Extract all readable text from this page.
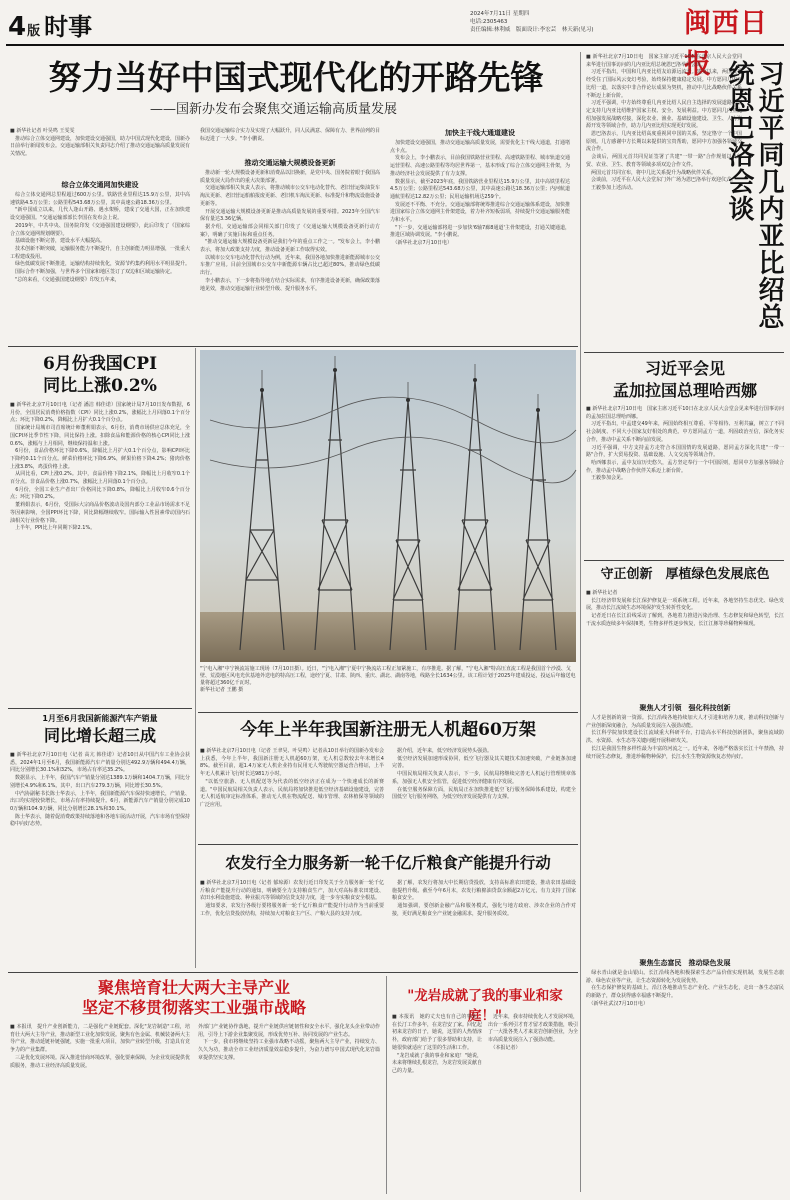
4 版 时事	2024年7月11日 星期四
电话:2305463
责任编辑:林利威　版面设计:李宏芸　林天新(见习)	闽西日报
努力当好中国式现代化的开路先锋
——国新办发布会聚焦交通运输高质量发展
■ 新华社记者 叶昊鸣 王雯雯
　推动综合立体交通网建设，加快建设交通强国，助力中国式现代化建设，国新办日前举行新闻发布会。交通运输部相关负责同志介绍了推动交通运输高质量发展有关情况。
综合立体交通网加快建设
　综合立体交通网总里程超过600万公里。铁路营业里程达15.9万公里，其中高速铁路4.5万公里；公路里程543.68万公里，其中高速公路18.36万公里。
　"新中国成立以来，几代人逢山开路、遇水架桥，建成了交通大国，正在加快建设交通强国。"交通运输部部长李国在发布会上说。
　2019年，中共中央、国务院印发《交通强国建设纲要》，此后印发了《国家综合立体交通网规划纲要》。
　基础设施不断完善，建设水平大幅提高。
　技术创新不断突破，运输服务能力不断提升，自主创新能力明显增强，一批重大工程建成投用。
　绿色低碳发展不断推进，运输结构持续优化，资源节约集约利用水平明显提升。
　国际合作不断加强，与世界多个国家和地区签订了双边和区域运输协定。
　"总的来看，《交通强国建设纲要》印发五年来，
我国交通运输综合实力及实现了大幅跃升，同人民满意、保障有力、世界前列的目标迈进了一大步。"李小鹏说。
推动交通运输大规模设备更新
　推动新一轮大规模设备更新和消费品以旧换新，是党中央、国务院着眼于我国高质量发展大局作出的重大决策部署。
　交通运输部相关负责人表示，将推动城市公交车电动化替代、老旧营运柴油货车淘汰更新、老旧营运船舶报废更新、老旧机车淘汰更新、标准提升和物流设施设备更新等。
　开展交通运输大规模设备更新是推动高质量发展的重要举措。2023年全国汽车保有量达3.36亿辆。
　据介绍，交通运输部会同相关部门印发了《交通运输大规模设备更新行动方案》，明确了实施目标和重点任务。
　"推动交通运输大规模设备更新是我们今年的重点工作之一。"发布会上，李小鹏表示，将加大政策支持力度，推动设备更新工作取得实效。
　以城市公交车电动化替代行动为例，近年来，我国各地加快推进新能源城市公交车推广应用。目前全国城市公交车中新能源车辆占比已超过80%，推动绿色低碳出行。
　李小鹏表示，下一步将指导地方结合实际需求，有序推进设备更新，确保政策落地见效，推动交通运输行业转型升级、提升服务水平。
加快主干线大通道建设
　加快建设交通强国，推动交通运输高质量发展，需要优化主干线大通道，打通堵点卡点。
　发布会上，李小鹏表示，目前我国铁路营业里程、高速铁路里程、城市轨道交通运营里程、高速公路里程等均居世界第一，基本形成了综合立体交通网主骨架，为推动经济社会发展提供了有力支撑。
　数据显示，截至2023年底，我国铁路营业里程达15.9万公里，其中高铁里程达4.5万公里；公路里程达543.68万公里，其中高速公路达18.36万公里；内河航道通航里程达12.82万公里；民用运输机场达259个。
　发展还不平衡、不充分。交通运输部将统筹推进综合交通运输体系建设，加快推进国家综合立体交通网主骨架建设，着力补齐短板弱项，持续提升交通运输服务能力和水平。
　"下一步，交通运输部将进一步加快'6轴7廊8通道'主骨架建设，打通关键通道，推进区域协调发展。"李小鹏说。
　（新华社北京7月10日电）
6月份我国CPI
同比上涨0.2%
■ 新华社北京7月10日电（记者 潘洁 韩佳诺）国家统计局7月10日发布数据，6月份，全国居民消费价格指数（CPI）同比上涨0.2%，涨幅比上月回落0.1个百分点；环比下降0.2%，降幅比上月扩大0.1个百分点。
　国家统计局城市司首席统计师董莉娟表示，6月份，消费市场供应总体充足，全国CPI环比季节性下降，同比保持上涨。扣除食品和能源价格的核心CPI同比上涨0.6%，涨幅与上月相同，继续保持温和上涨。
　6月份，食品价格环比下降0.6%，降幅比上月扩大0.1个百分点，影响CPI环比下降约0.11个百分点。鲜菜价格环比下降6.9%，鲜果价格下降4.2%；猪肉价格上涨3.8%，鸡蛋价格上涨。
　从同比看，CPI上涨0.2%。其中，食品价格下降2.1%，降幅比上月收窄0.1个百分点。非食品价格上涨0.7%，涨幅比上月回落0.1个百分点。
　6月份，全国工业生产者出厂价格同比下降0.8%，降幅比上月收窄0.6个百分点；环比下降0.2%。
　董莉娟表示，6月份，受国际大宗商品价格波动及国内部分工业品市场需求不足等因素影响，全国PPI环比下降，同比降幅继续收窄。国际输入性因素带动国内石油相关行业价格下降。
　上半年，PPI比上年同期下降2.1%。
1月至6月我国新能源汽车产销量
同比增长超三成
■ 新华社北京7月10日电（记者 高亢 韩佳诺）记者10日从中国汽车工业协会获悉，2024年1月至6月，我国新能源汽车产销量分别达492.9万辆和494.4万辆，同比分别增长30.1%和32%，市场占有率达35.2%。
　数据显示，上半年，我国汽车产销量分别达1389.1万辆和1404.7万辆，同比分别增长4.9%和6.1%。其中，出口汽车279.3万辆，同比增长30.5%。
　中汽协副秘书长陈士华表示，上半年，我国新能源汽车保持快速增长，产销量、出口均实现较快增长，市场占有率持续提升。6月，新能源汽车产销量分别完成100万辆和104.9万辆，同比分别增长28.1%和30.1%。
　陈士华表示，随着促消费政策持续落地和各地车展活动开展，汽车市场有望保持稳中向好态势。
"宁电入湘"中宁换流站施工现场（7月10日摄）。近日，"宁电入湘"宁夏中宁换流站工程正加紧施工，有序推进。据了解，"宁电入湘"特高压直流工程是我国首个沙漠、戈壁、荒漠地区风电光伏基地外送电的特高压工程，途经宁夏、甘肃、陕西、重庆、湖北、湖南等地，线路全长1634公里。该工程计划于2025年建成投运，投运后年输送电量将超过360亿千瓦时。
新华社记者 王鹏 摄
今年上半年我国新注册无人机超60万架
■ 新华社北京7月10日电（记者 王聿昊、叶昊鸣）记者从10日举行的国新办发布会上获悉，今年上半年，我国新注册无人机超60万架，无人机总数较去年末增长48%。截至目前，超1.4万家无人机企业持有民用无人驾驶航空器运营合格证，上半年无人机累计飞行时长达981万小时。
　"以低空旅游、无人机配送等为代表的低空经济正在成为一个快速成长的新赛道。"中国民航局相关负责人表示，民航局将加快推进低空经济基础设施建设，完善无人机适航审定标准体系，推动无人机在物流配送、城市管理、农林植保等领域的广泛应用。
　据介绍，近年来，低空经济发展势头强劲。
　低空经济发展加速形成协同，低空飞行器及其关键技术加速突破，产业链条加速完善。
　中国民航局相关负责人表示，下一步，民航局将继续完善无人机运行管理规章体系，加强无人机安全监管，促进低空经济健康有序发展。
　在低空服务保障方面，民航局正在加快推进低空飞行服务保障体系建设，构建全国低空飞行服务网络，为低空经济发展提供有力支撑。
农发行全力服务新一轮千亿斤粮食产能提升行动
■ 新华社北京7月10日电（记者 郁琼源）农发行近日印发关于全力服务新一轮千亿斤粮食产能提升行动的通知，明确要全力支持粮食生产，加大对高标准农田建设、农田水利设施建设、种业振兴等领域的信贷支持力度，进一步夯实粮食安全根基。
　通知要求，农发行各级行要将服务新一轮千亿斤粮食产能提升行动作为当前重要工作，优化信贷投放结构，持续加大对粮食主产区、产粮大县的支持力度。
　据了解，农发行将加大中长期信贷投放，支持高标准农田建设，推动农田基础设施提档升级。截至今年6月末，农发行粮棉油贷款余额超2万亿元，有力支持了国家粮食安全。
　通知强调，要创新金融产品和服务模式，强化与地方政府、涉农企业的合作对接，更好满足粮食全产业链金融需求，提升服务质效。
聚焦培育壮大两大主导产业
坚定不移贯彻落实工业强市战略
■ 本报讯　提升产业创新能力，二是强化产业链配套。深化"龙岩制造"工程，培育壮大两大主导产业，推动新型工业化加快发展。聚焦有色金属、机械装备两大主导产业，推动延链补链强链，实施一批重大项目，加快产业转型升级，打造具有竞争力的产业集群。
　三是优化发展环境。深入推进营商环境改革，强化要素保障，为企业发展提供优质服务，推动工业经济高质量发展。
外部门产业链协作落地，提升产业链供应链韧性和安全水平。强化龙头企业带动作用，引导上下游企业集聚发展，形成优势互补、协同发展的产业生态。
　下一步，我市将继续坚持工业强市战略不动摇，聚焦两大主导产业，持续发力、久久为功，推动全市工业经济质量效益稳步提升，为奋力谱写中国式现代化龙岩篇章提供坚实支撑。
"龙岩成就了我的事业和家庭！"
■ 本报讯　她的丈夫也有自己的事业，在长汀工作多年，在龙岩安了家。回忆起初来龙岩的日子，她说，这里的人热情淳朴，政府部门给予了很多帮助和支持，让她很快就适应了这里的生活和工作。
　"龙岩成就了我的事业和家庭！"她说，未来将继续扎根龙岩，为龙岩发展贡献自己的力量。
　近年来，我市持续优化人才发展环境，出台一系列引才育才留才政策措施，吸引了一大批各类人才来龙岩创新创业，为全市高质量发展注入了强劲动能。
　（本报记者）
■ 新华社北京7月10日电　国家主席习近平10日在北京人民大会堂同来华进行国事访问的几内亚比绍总统恩巴洛举行会谈。
　习近平指出，中国和几内亚比绍友谊源远流长。建交以来，两国关系经受住了国际风云变幻考验，始终保持健康稳定发展。中方愿同几内亚比绍一道，以落实中非合作论坛成果为契机，推动中几比战略伙伴关系不断迈上新台阶。
　习近平强调，中方始终尊重几内亚比绍人民自主选择的发展道路，坚定支持几内亚比绍维护国家主权、安全、发展利益。中方愿同几内亚比绍加强发展战略对接，深化农业、渔业、基础设施建设、卫生、人力资源开发等领域合作，助力几内亚比绍实现更好发展。
　恩巴洛表示，几内亚比绍高度重视同中国的关系，坚定恪守一个中国原则。几方感谢中方长期以来提供的宝贵帮助，愿同中方加强各领域交流合作。
　会谈后，两国元首共同见证签署了共建"一带一路"合作规划以及经贸、农业、卫生、教育等领域多项双边合作文件。
　两国元首共同宣布，将中几比关系提升为战略伙伴关系。
　会谈前，习近平在人民大会堂东门外广场为恩巴洛举行欢迎仪式。
　王毅参加上述活动。	习近平同几内亚比绍总统恩巴洛会谈
习近平会见
孟加拉国总理哈西娜
■ 新华社北京7月10日电　国家主席习近平10日在北京人民大会堂会见来华进行国事访问的孟加拉国总理哈西娜。
　习近平指出，中孟建交49年来，两国始终相互尊重、平等相待、互利共赢，树立了不同社会制度、不同大小国家友好相处的典范。中方愿同孟方一道，巩固政治互信，深化务实合作，推动中孟关系不断向前发展。
　习近平强调，中方支持孟方走符合本国国情的发展道路，愿同孟方深化共建"一带一路"合作，扩大贸易投资、基础设施、人文交流等领域合作。
　哈西娜表示，孟中友谊历史悠久，孟方坚定奉行一个中国原则，愿同中方加强各领域合作，推动孟中战略合作伙伴关系迈上新台阶。
　王毅参加会见。
守正创新　厚植绿色发展底色
■ 新华社记者
　长江经济带发展和长江保护修复是一项系统工程。近年来，各地坚持生态优先、绿色发展，推动长江流域生态环境保护发生转折性变化。
　记者近日在长江沿线采访了解到，各地着力推进污染治理、生态修复和绿色转型，长江干流水质连续多年保持Ⅱ类，生物多样性逐步恢复，长江江豚等珍稀物种频现。
聚焦人才引领　强化科技创新
　人才是创新的第一资源。长江沿线各地持续加大人才引进和培养力度，推动科技创新与产业创新深度融合，为高质量发展注入强劲动能。
　长江科学院加快建设长江流域重大科研平台，打造高水平科技创新团队，聚焦流域防洪、水资源、水生态等关键问题开展科研攻关。
　长江是我国生物多样性最为丰富的河流之一。近年来，各地严格落实长江十年禁渔，持续开展生态修复，推进珍稀物种保护，长江水生生物资源恢复态势向好。
聚焦生态富民　推动绿色发展
　绿水青山就是金山银山。长江沿线各地积极探索生态产品价值实现机制，发展生态旅游、绿色农业等产业，让生态资源转化为发展优势。
　在生态保护修复的基础上，沿江各地推动生态产业化、产业生态化，走出一条生态富民的新路子，群众获得感幸福感不断提升。
　（新华社武汉7月10日电）
